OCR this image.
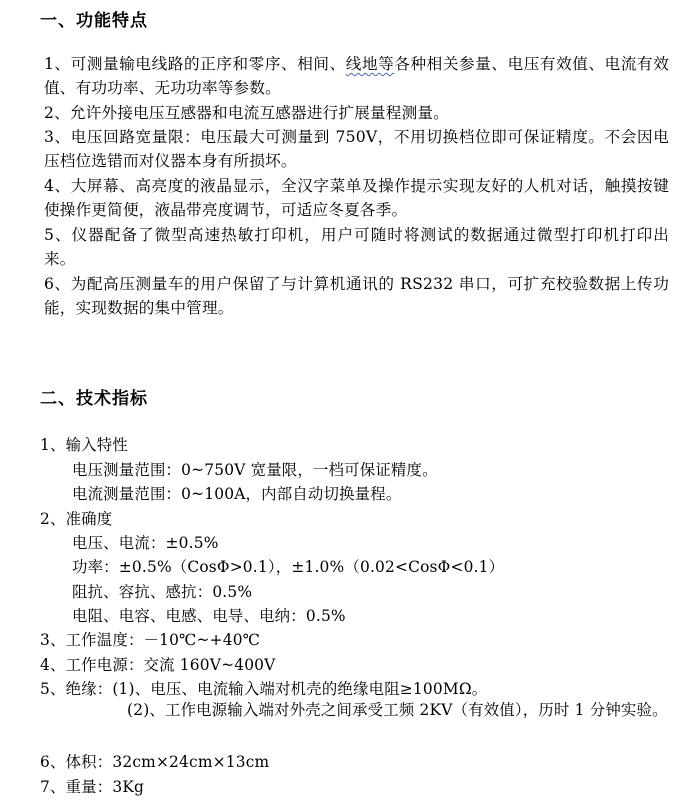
一、功能特点
1、可测量输电线路的正序和零序、相间、线地等各种相关参量、电压有效值、电流有效值、有功功率、无功功率等参数。
2、允许外接电压互感器和电流互感器进行扩展量程测量。
3、电压回路宽量限：电压最大可测量到 750V，不用切换档位即可保证精度。不会因电压档位选错而对仪器本身有所损坏。
4、大屏幕、高亮度的液晶显示，全汉字菜单及操作提示实现友好的人机对话，触摸按键使操作更简便，液晶带亮度调节，可适应冬夏各季。
5、仪器配备了微型高速热敏打印机，用户可随时将测试的数据通过微型打印机打印出来。
6、为配高压测量车的用户保留了与计算机通讯的 RS232 串口，可扩充校验数据上传功能，实现数据的集中管理。
二、技术指标
1、输入特性
电压测量范围：0~750V 宽量限，一档可保证精度。
电流测量范围：0~100A，内部自动切换量程。
2、准确度
电压、电流：±0.5%
功率：±0.5%（CosΦ>0.1），±1.0%（0.02<CosΦ<0.1）
阻抗、容抗、感抗：0.5%
电阻、电容、电感、电导、电纳：0.5%
3、工作温度：－10℃~+40℃
4、工作电源：交流 160V~400V
5、绝缘：(1)、电压、电流输入端对机壳的绝缘电阻≥100MΩ。
(2)、工作电源输入端对外壳之间承受工频 2KV（有效值），历时 1 分钟实验。
6、体积：32cm×24cm×13cm
7、重量：3Kg
